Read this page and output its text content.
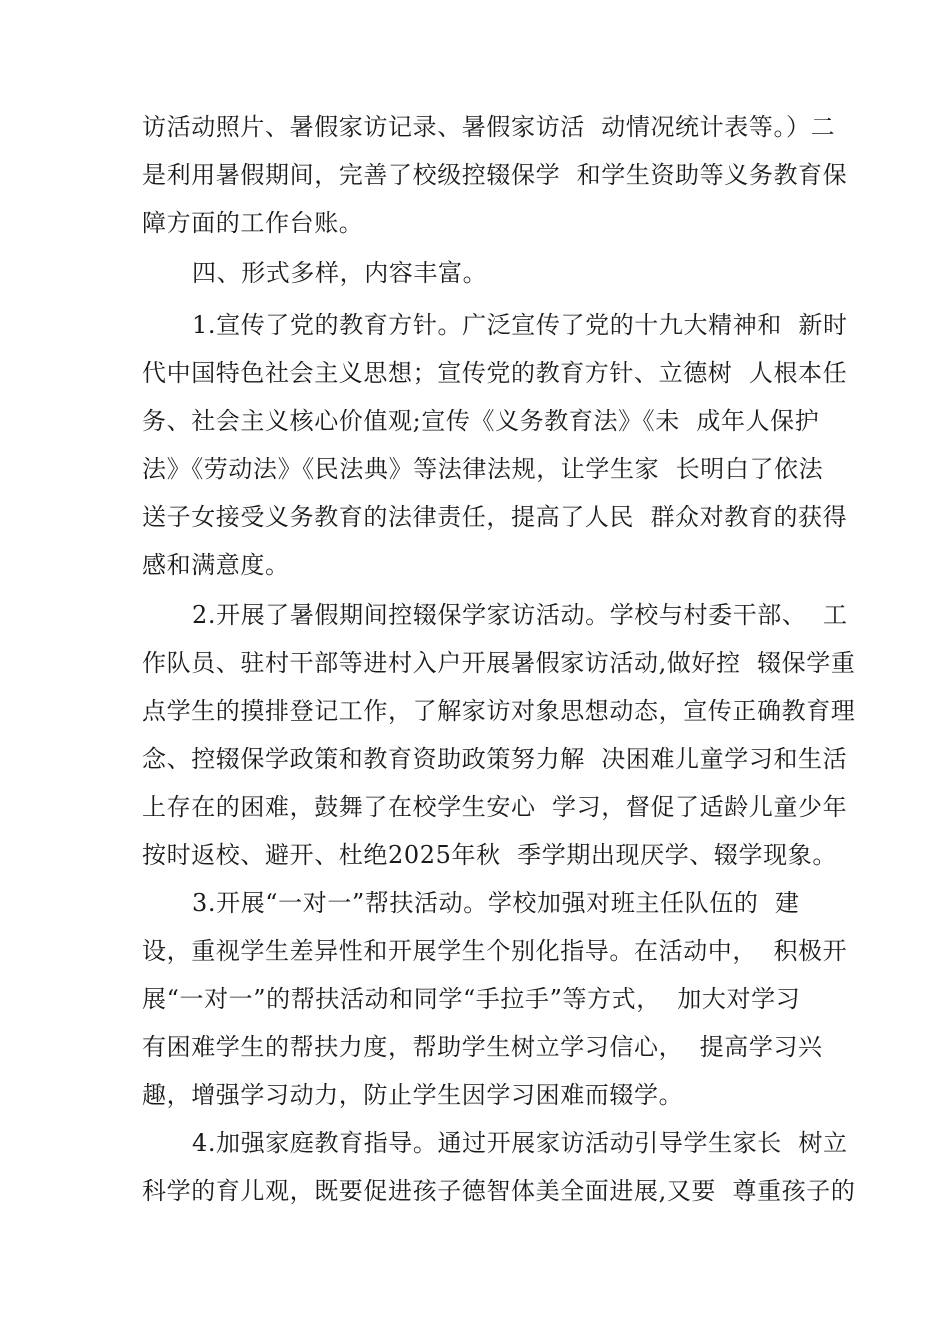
访活动照片、暑假家访记录、暑假家访活  动情况统计表等。）二
是利用暑假期间，完善了校级控辍保学  和学生资助等义务教育保
障方面的工作台账。
四、形式多样，内容丰富。
1.宣传了党的教育方针。广泛宣传了党的十九大精神和  新时
代中国特色社会主义思想；宣传党的教育方针、立德树  人根本任
务、社会主义核心价值观;宣传《义务教育法》《未  成年人保护
法》《劳动法》《民法典》等法律法规，让学生家  长明白了依法
送子女接受义务教育的法律责任，提高了人民  群众对教育的获得
感和满意度。
2.开展了暑假期间控辍保学家访活动。学校与村委干部、  工
作队员、驻村干部等进村入户开展暑假家访活动,做好控  辍保学重
点学生的摸排登记工作，了解家访对象思想动态，宣传正确教育理
念、控辍保学政策和教育资助政策努力解  决困难儿童学习和生活
上存在的困难，鼓舞了在校学生安心  学习，督促了适龄儿童少年
按时返校、避开、杜绝2025年秋  季学期出现厌学、辍学现象。
3.开展“一对一”帮扶活动。学校加强对班主任队伍的  建
设，重视学生差异性和开展学生个别化指导。在活动中，  积极开
展“一对一”的帮扶活动和同学“手拉手”等方式，  加大对学习
有困难学生的帮扶力度，帮助学生树立学习信心，  提高学习兴
趣，增强学习动力，防止学生因学习困难而辍学。
4.加强家庭教育指导。通过开展家访活动引导学生家长  树立
科学的育儿观，既要促进孩子德智体美全面进展,又要  尊重孩子的
